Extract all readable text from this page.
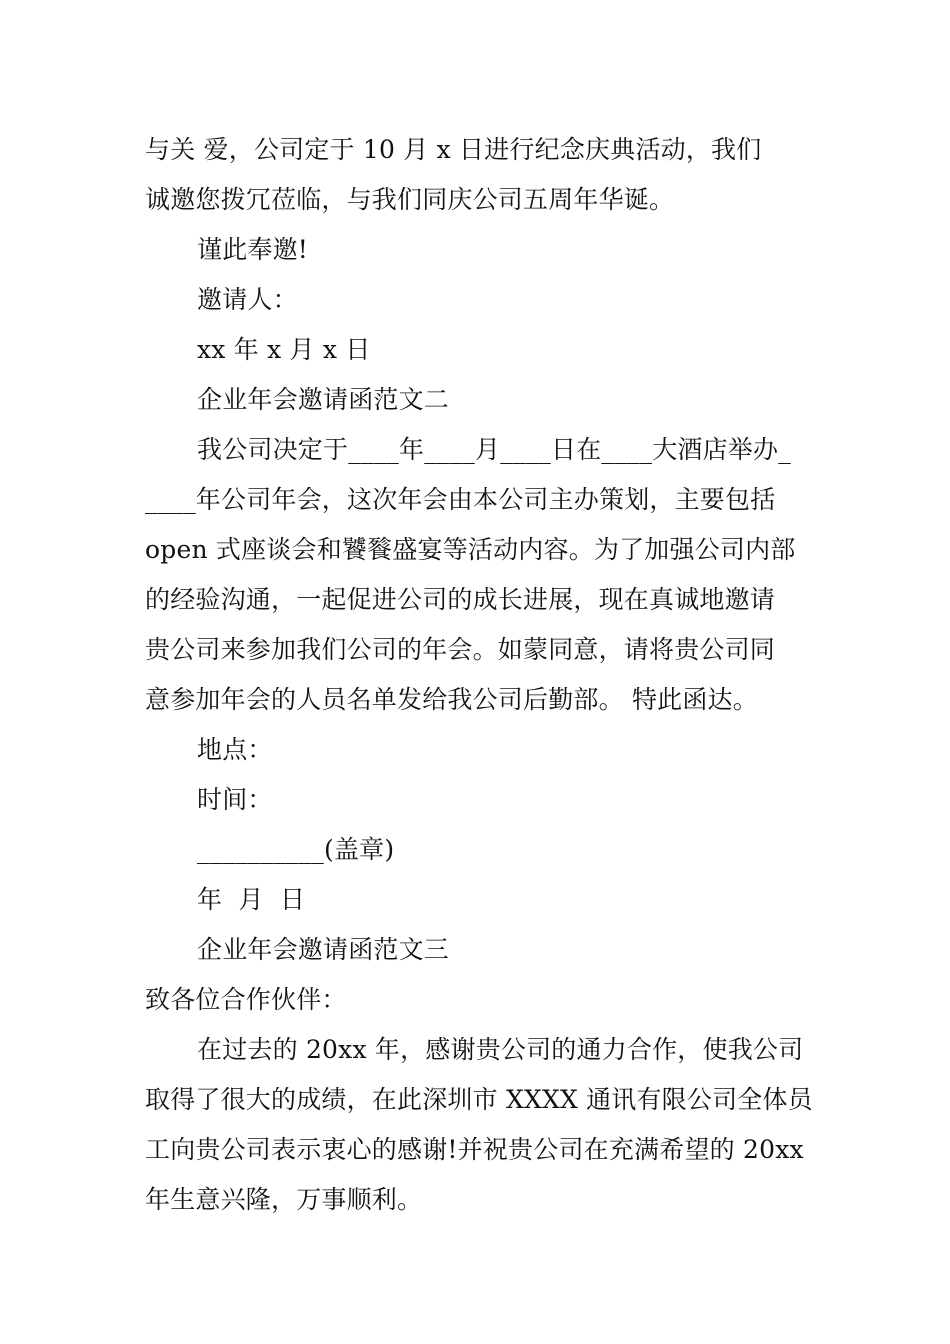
与关 爱，公司定于 10 月 x 日进行纪念庆典活动，我们
诚邀您拨冗莅临，与我们同庆公司五周年华诞。
谨此奉邀!
邀请人：
xx 年 x 月 x 日
企业年会邀请函范文二
我公司决定于____年____月____日在____大酒店举办_
____年公司年会，这次年会由本公司主办策划，主要包括
open 式座谈会和饕餮盛宴等活动内容。为了加强公司内部
的经验沟通，一起促进公司的成长进展，现在真诚地邀请
贵公司来参加我们公司的年会。如蒙同意，请将贵公司同
意参加年会的人员名单发给我公司后勤部。 特此函达。
地点：
时间：
__________(盖章)
年  月  日
企业年会邀请函范文三
致各位合作伙伴：
在过去的 20xx 年，感谢贵公司的通力合作，使我公司
取得了很大的成绩，在此深圳市 XXXX 通讯有限公司全体员
工向贵公司表示衷心的感谢!并祝贵公司在充满希望的 20xx
年生意兴隆，万事顺利。
